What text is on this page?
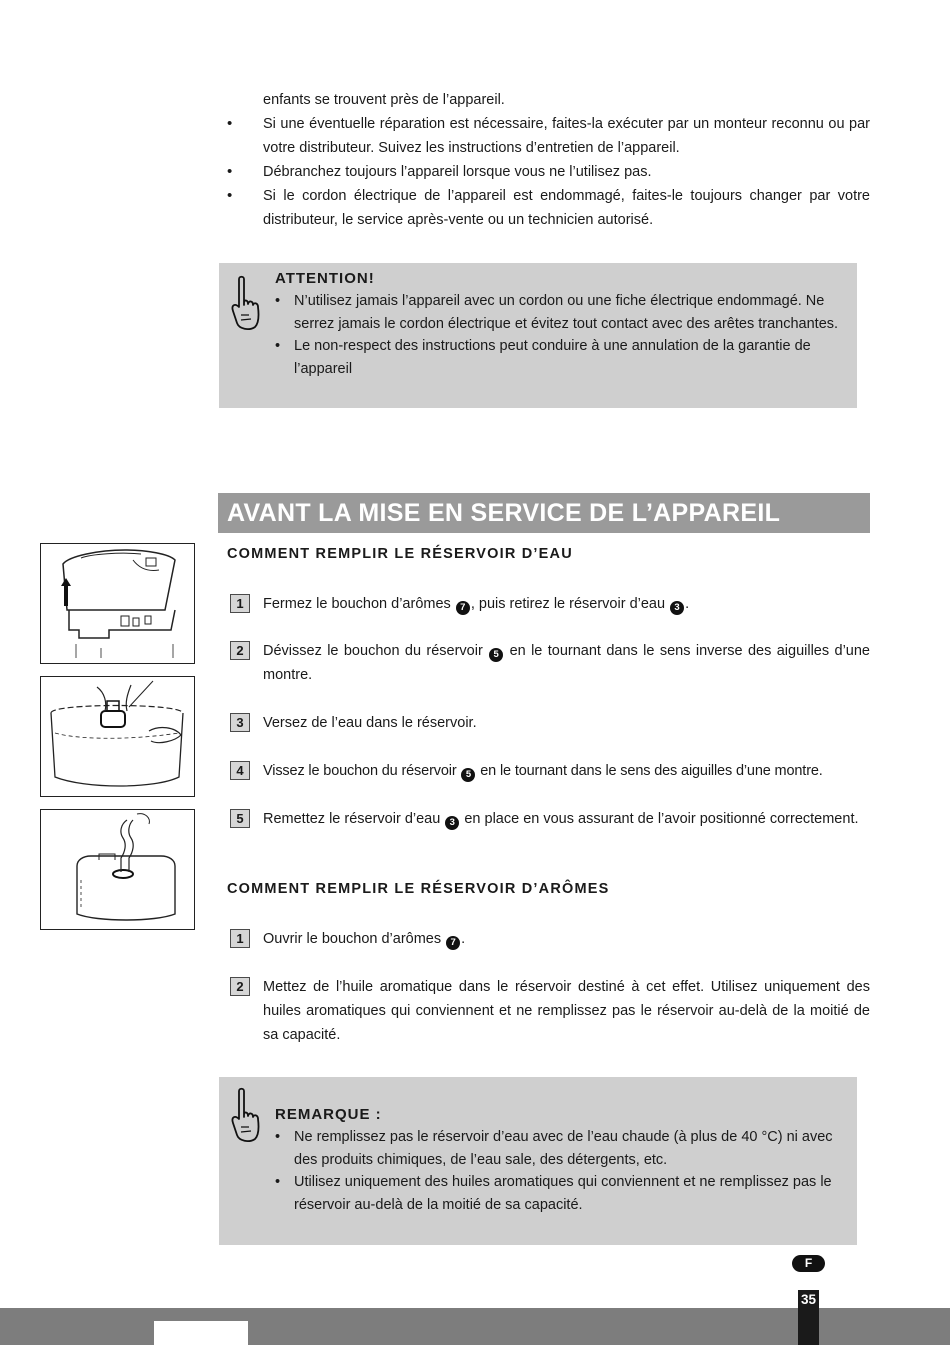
enfants se trouvent près de l’appareil.
• Si une éventuelle réparation est nécessaire, faites-la exécuter par un monteur reconnu ou par votre distributeur. Suivez les instructions d’entretien de l’appareil.
• Débranchez toujours l’appareil lorsque vous ne l’utilisez pas.
• Si le cordon électrique de l’appareil est endommagé, faites-le toujours changer par votre distributeur, le service après-vente ou un technicien autorisé.
ATTENTION!
• N’utilisez jamais l’appareil avec un cordon ou une fiche électrique endommagé. Ne serrez jamais le cordon électrique et évitez tout contact avec des arêtes tranchantes.
• Le non-respect des instructions peut conduire à une annulation de la garantie de l’appareil
AVANT LA MISE EN SERVICE DE L’APPAREIL
COMMENT REMPLIR LE RÉSERVOIR D’EAU
1	Fermez le bouchon d’arômes 7 , puis retirez le réservoir d’eau 3 .
2	Dévissez le bouchon du réservoir 5 en le tournant dans le sens inverse des aiguilles d’une montre.
3	Versez de l’eau dans le réservoir.
4	Vissez le bouchon du réservoir 5 en le tournant dans le sens des aiguilles d’une montre.
5	Remettez le réservoir d’eau 3 en place en vous assurant de l’avoir positionné correctement.
COMMENT REMPLIR LE RÉSERVOIR D’ARÔMES
1	Ouvrir le bouchon d’arômes 7 .
2	Mettez de l’huile aromatique dans le réservoir destiné à cet effet. Utilisez uniquement des huiles aromatiques qui conviennent et ne remplissez pas le réservoir au-delà de la moitié de sa capacité.
REMARQUE :
• Ne remplissez pas le réservoir d’eau avec de l’eau chaude (à plus de 40 °C) ni avec des produits chimiques, de l’eau sale, des détergents, etc.
• Utilisez uniquement des huiles aromatiques qui conviennent et ne remplissez pas le réservoir au-delà de la moitié de sa capacité.
F
35
